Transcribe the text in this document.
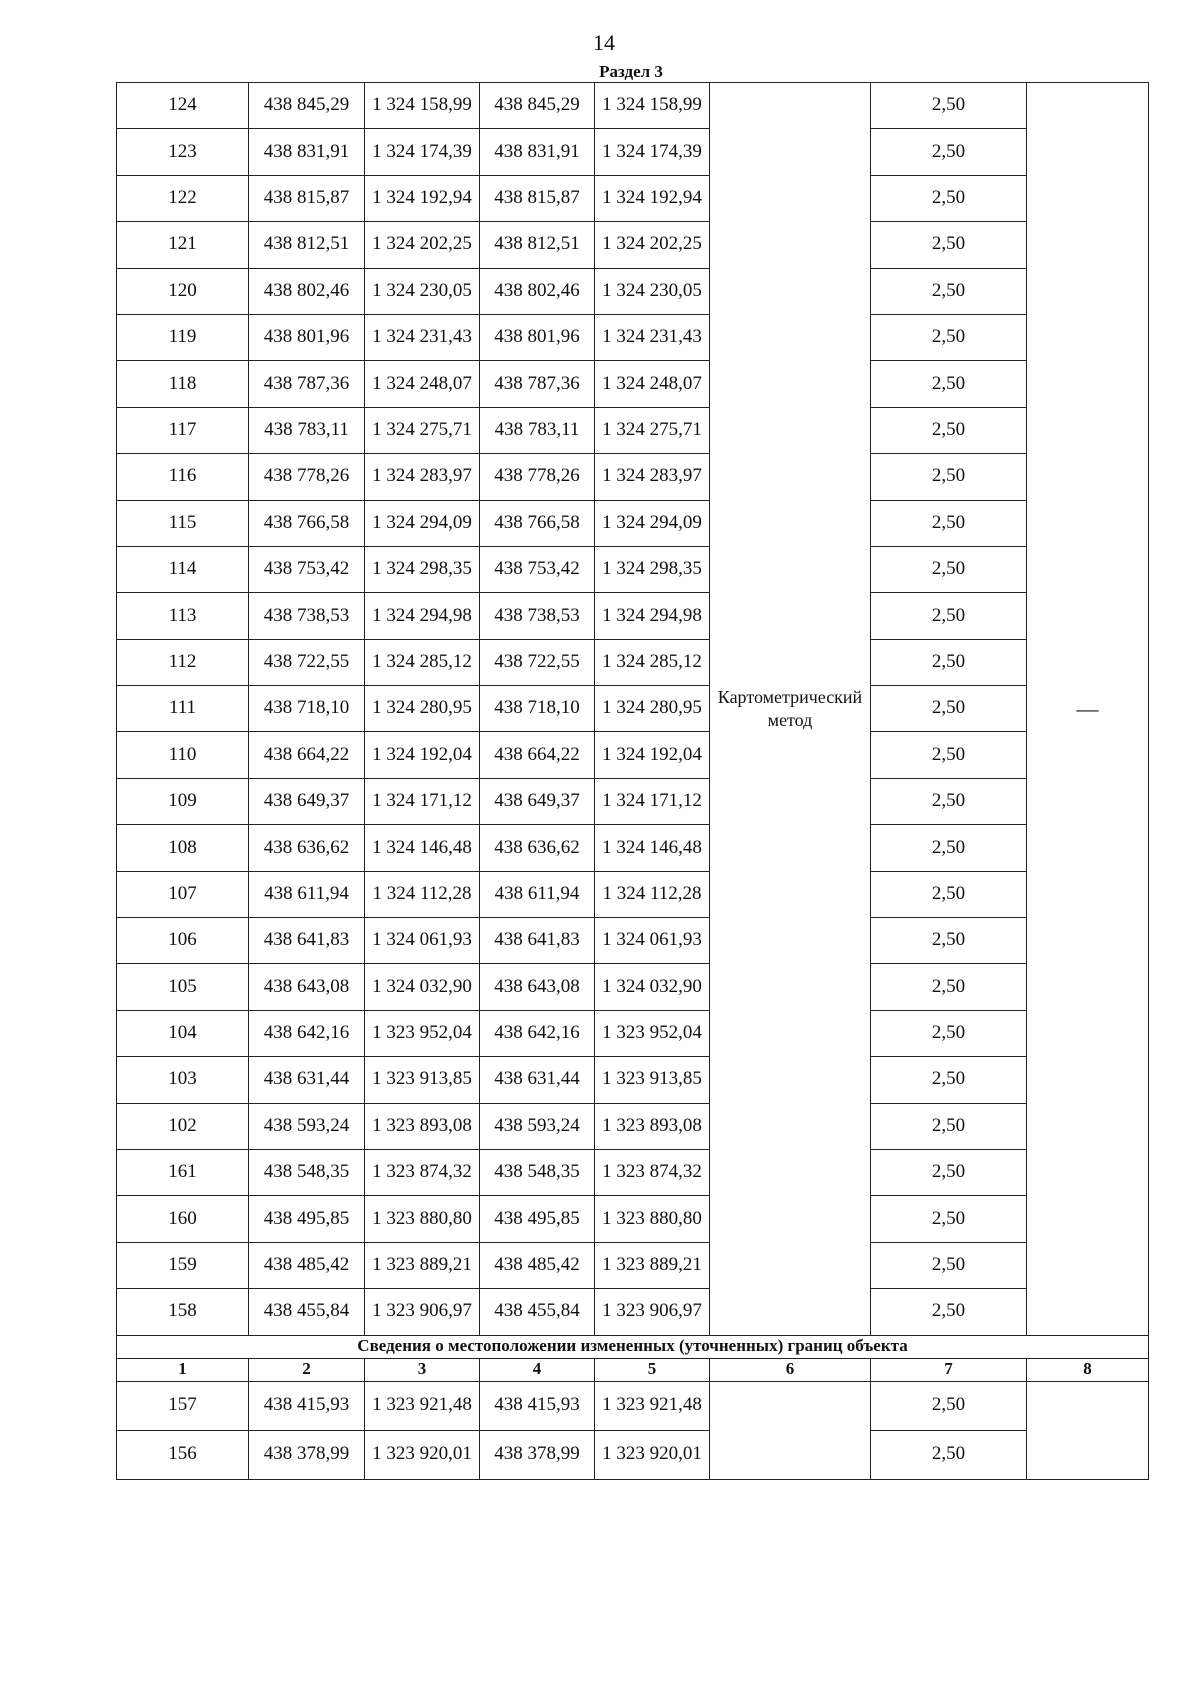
14
Раздел 3
124	438 845,29	1 324 158,99	438 845,29	1 324 158,99	Картометрический метод	2,50	—
123	438 831,91	1 324 174,39	438 831,91	1 324 174,39		2,50	
122	438 815,87	1 324 192,94	438 815,87	1 324 192,94		2,50	
121	438 812,51	1 324 202,25	438 812,51	1 324 202,25		2,50	
120	438 802,46	1 324 230,05	438 802,46	1 324 230,05		2,50	
119	438 801,96	1 324 231,43	438 801,96	1 324 231,43		2,50	
118	438 787,36	1 324 248,07	438 787,36	1 324 248,07		2,50	
117	438 783,11	1 324 275,71	438 783,11	1 324 275,71		2,50	
116	438 778,26	1 324 283,97	438 778,26	1 324 283,97		2,50	
115	438 766,58	1 324 294,09	438 766,58	1 324 294,09		2,50	
114	438 753,42	1 324 298,35	438 753,42	1 324 298,35		2,50	
113	438 738,53	1 324 294,98	438 738,53	1 324 294,98		2,50	
112	438 722,55	1 324 285,12	438 722,55	1 324 285,12		2,50	
111	438 718,10	1 324 280,95	438 718,10	1 324 280,95		2,50	
110	438 664,22	1 324 192,04	438 664,22	1 324 192,04		2,50	
109	438 649,37	1 324 171,12	438 649,37	1 324 171,12		2,50	
108	438 636,62	1 324 146,48	438 636,62	1 324 146,48		2,50	
107	438 611,94	1 324 112,28	438 611,94	1 324 112,28		2,50	
106	438 641,83	1 324 061,93	438 641,83	1 324 061,93		2,50	
105	438 643,08	1 324 032,90	438 643,08	1 324 032,90		2,50	
104	438 642,16	1 323 952,04	438 642,16	1 323 952,04		2,50	
103	438 631,44	1 323 913,85	438 631,44	1 323 913,85		2,50	
102	438 593,24	1 323 893,08	438 593,24	1 323 893,08		2,50	
161	438 548,35	1 323 874,32	438 548,35	1 323 874,32		2,50	
160	438 495,85	1 323 880,80	438 495,85	1 323 880,80		2,50	
159	438 485,42	1 323 889,21	438 485,42	1 323 889,21		2,50	
158	438 455,84	1 323 906,97	438 455,84	1 323 906,97		2,50	
Сведения о местоположении измененных (уточненных) границ объекта							
1	2	3	4	5	6	7	8
157	438 415,93	1 323 921,48	438 415,93	1 323 921,48		2,50	
156	438 378,99	1 323 920,01	438 378,99	1 323 920,01		2,50	
